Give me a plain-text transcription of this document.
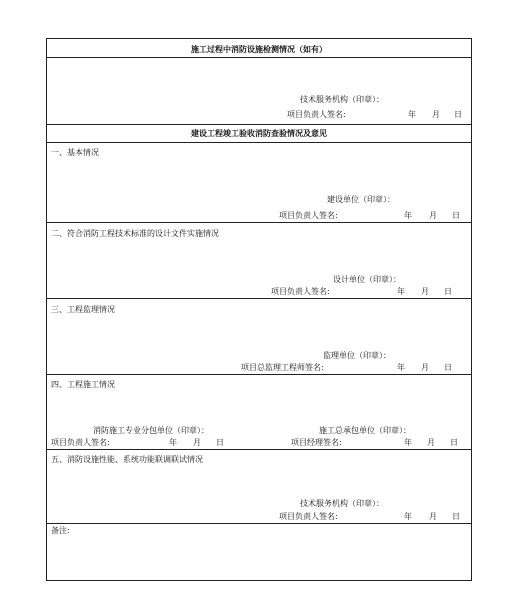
施工过程中消防设施检测情况（如有）
技术服务机构（印章）：
项目负责人签名:	年 月 日
建设工程竣工验收消防查验情况及意见
一、基本情况
建设单位（印章）：
项目负责人签名:	年 月 日
二、符合消防工程技术标准的设计文件实施情况
设计单位（印章）：
项目负责人签名:	年 月 日
三、工程监理情况
监理单位（印章）：
项目总监理工程师签名:	年 月 日
四、工程施工情况
消防施工专业分包单位（印章）：
项目负责人签名:	年 月 日
施工总承包单位（印章）：
项目经理签名:	年 月 日
五、消防设施性能、系统功能联调联试情况
技术服务机构（印章）：
项目负责人签名:	年 月 日
备注:
